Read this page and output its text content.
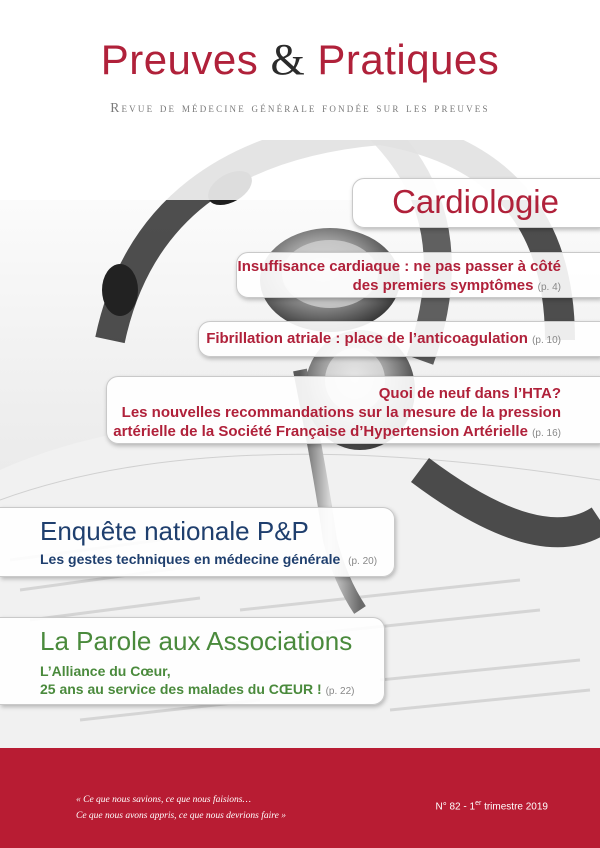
Preuves & Pratiques
Revue de médecine générale fondée sur les preuves
Cardiologie
Insuffisance cardiaque : ne pas passer à côté
des premiers symptômes (p. 4)
Fibrillation atriale : place de l’anticoagulation (p. 10)
Quoi de neuf dans l’HTA?
Les nouvelles recommandations sur la mesure de la pression
artérielle de la Société Française d’Hypertension Artérielle (p. 16)
Enquête nationale P&P
Les gestes techniques en médecine générale (p. 20)
La Parole aux Associations
L’Alliance du Cœur,
25 ans au service des malades du CŒUR ! (p. 22)
« Ce que nous savions, ce que nous faisions…
Ce que nous avons appris, ce que nous devrions faire »
N° 82 - 1er trimestre 2019
